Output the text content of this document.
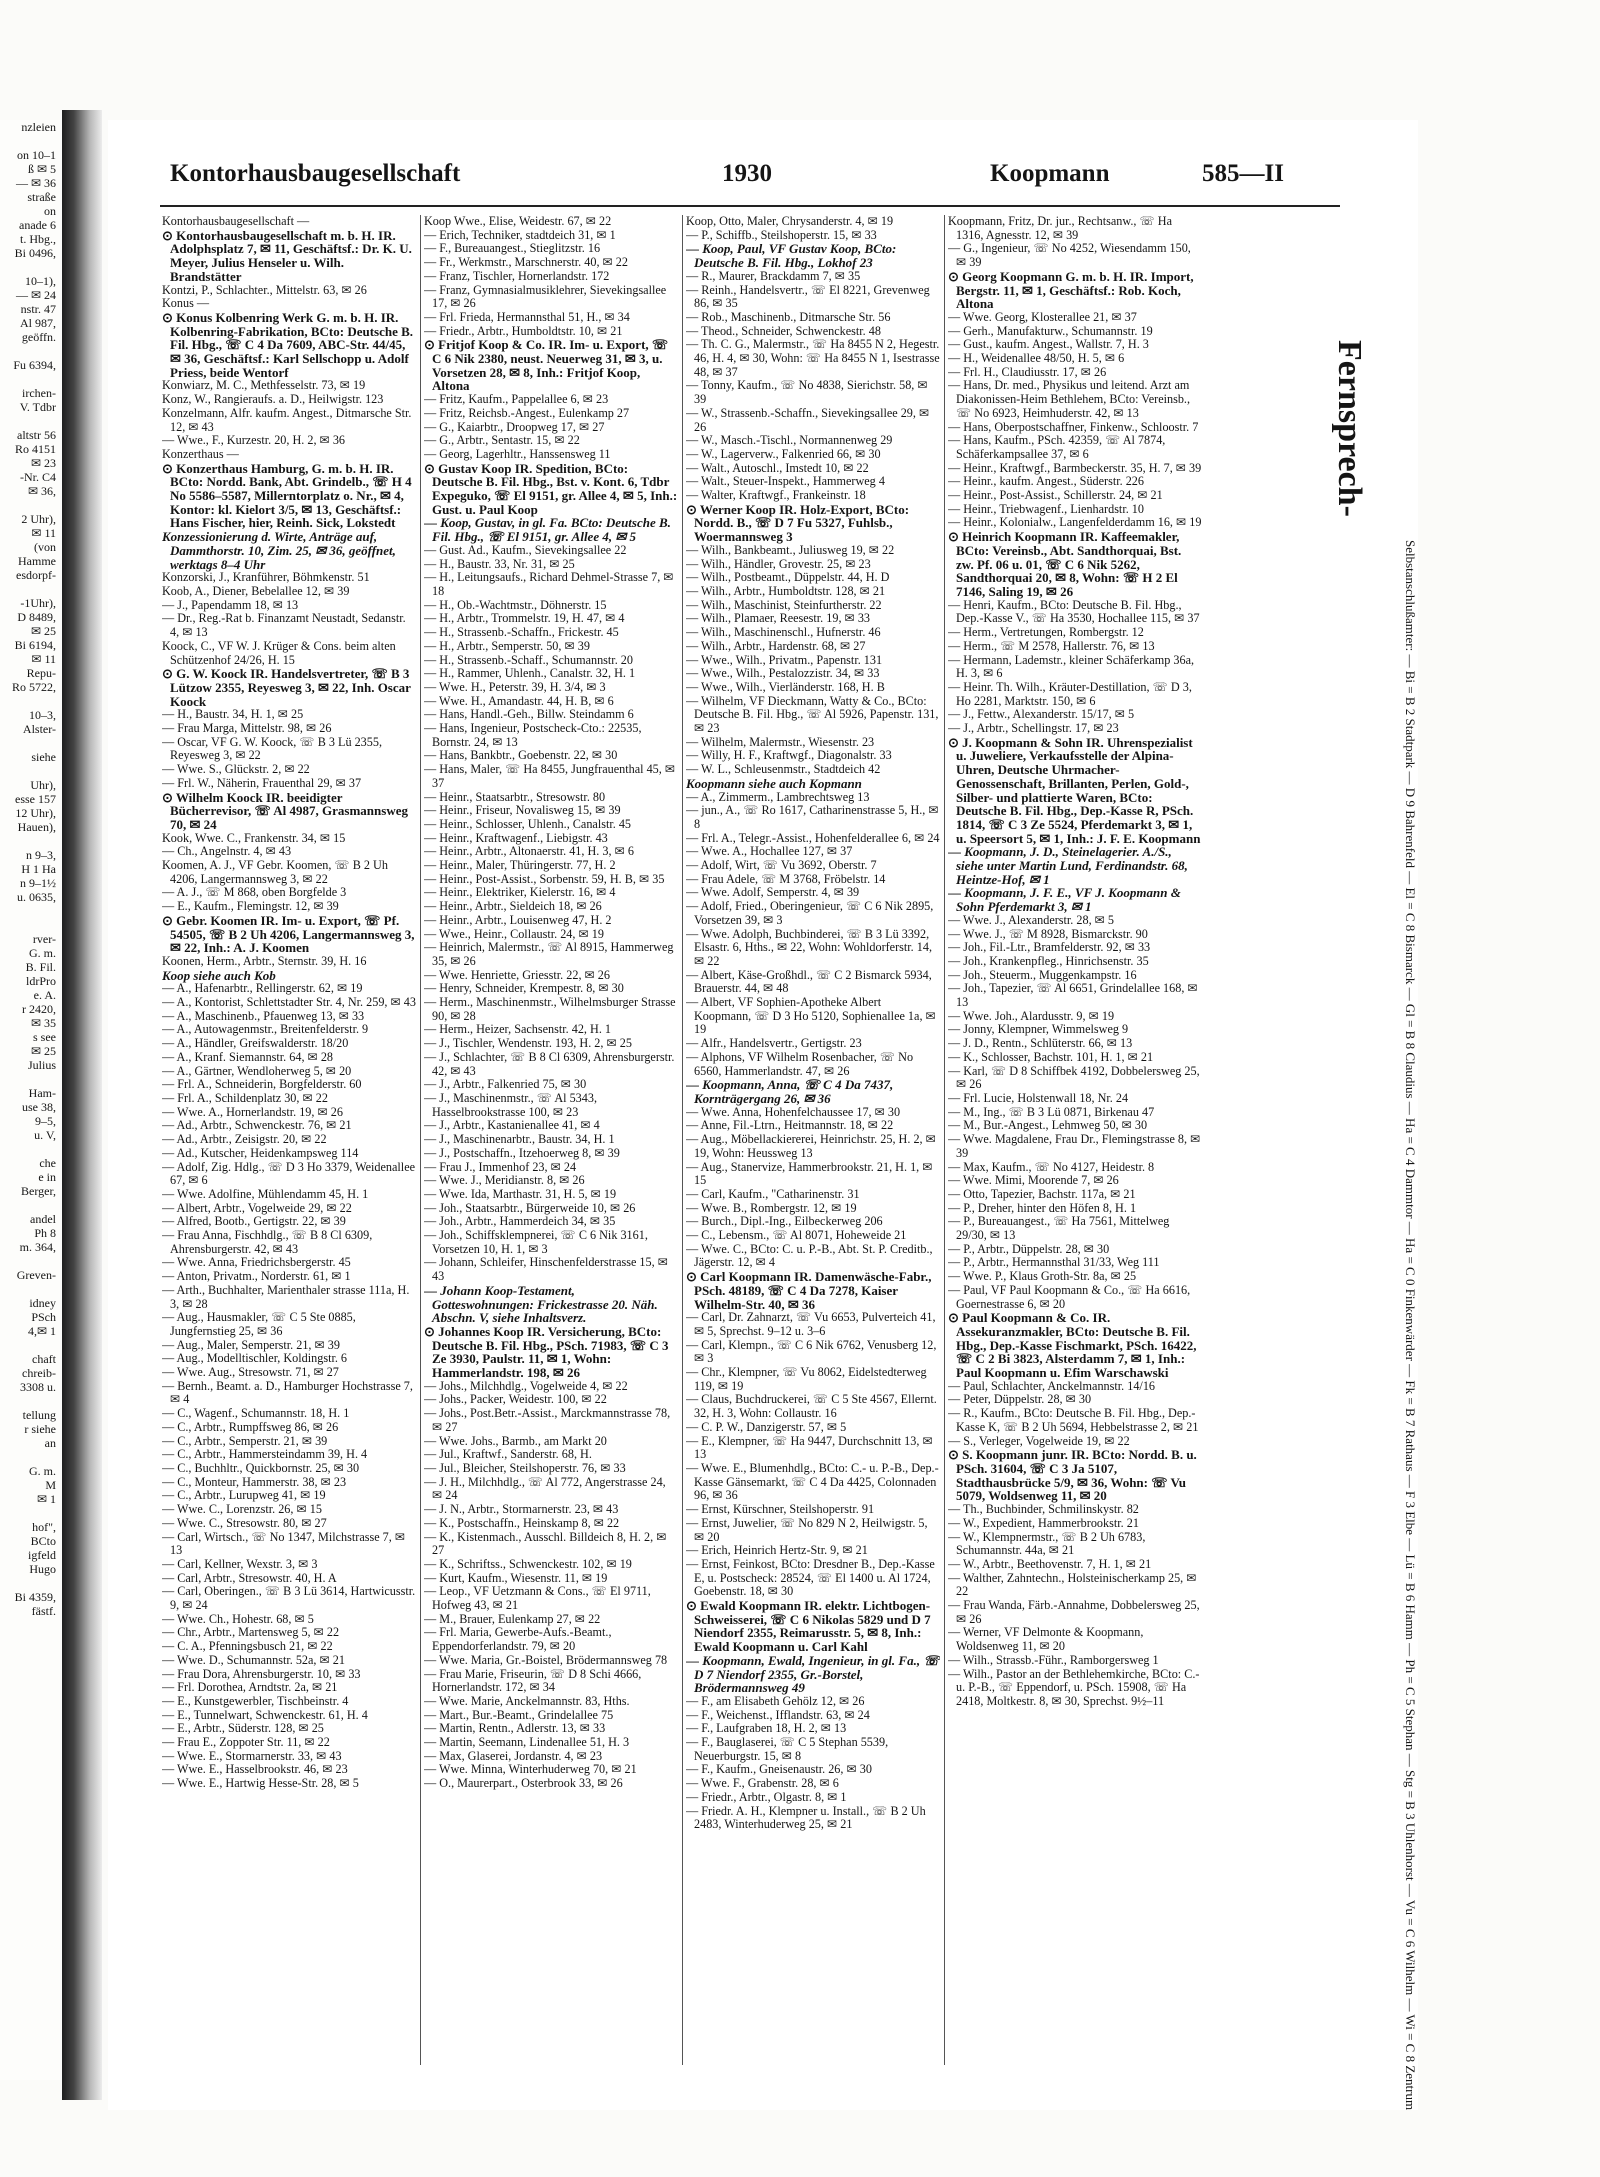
nzleien

on 10–1

ß ✉ 5

— ✉ 36

straße

on

anade 6

t. Hbg.,

Bi 0496,

10–1),

— ✉ 24

nstr. 47

Al 987,

geöffn.

Fu 6394,

irchen-

V. Tdbr

altstr 56

Ro 4151

✉ 23

-Nr. C4

✉ 36,

2 Uhr),

✉ 11

(von

Hamme

esdorpf-

-1Uhr),

D 8489,

✉ 25

Bi 6194,

✉ 11

Repu-

Ro 5722,

10–3,

Alster-

siehe

Uhr),

esse 157

12 Uhr),

Hauen),

n 9–3,

H 1 Ha

n 9–1½

u. 0635,

rver-

G. m.

B. Fil.

ldrPro

e. A.

r 2420,

✉ 35

s see

✉ 25

Julius

Ham-

use 38,

9–5,

u. V,

che

e in

Berger,

andel

Ph 8

m. 364,

Greven-

idney

PSch

4,✉ 1

chaft

chreib-

3308 u.

tellung

r siehe

an

G. m.

M

✉ 1

hof",

BCto

igfeld

Hugo

Bi 4359,

fästf.

Kontorhausbaugesellschaft	1930	Koopmann	585—II

Kontorhausbaugesellschaft —

⊙ Kontorhausbaugesellschaft m. b. H. IR. Adolphsplatz 7, ✉ 11, Geschäftsf.: Dr. K. U. Meyer, Julius Henseler u. Wilh. Brandstätter

Kontzi, P., Schlachter., Mittelstr. 63, ✉ 26

Konus —

⊙ Konus Kolbenring Werk G. m. b. H. IR. Kolbenring-Fabrikation, BCto: Deutsche B. Fil. Hbg., ☏ C 4 Da 7609, ABC-Str. 44/45, ✉ 36, Geschäftsf.: Karl Sellschopp u. Adolf Priess, beide Wentorf

Konwiarz, M. C., Methfesselstr. 73, ✉ 19

Konz, W., Rangieraufs. a. D., Heilwigstr. 123

Konzelmann, Alfr. kaufm. Angest., Ditmarsche Str. 12, ✉ 43

— Wwe., F., Kurzestr. 20, H. 2, ✉ 36

Konzerthaus —

⊙ Konzerthaus Hamburg, G. m. b. H. IR. BCto: Nordd. Bank, Abt. Grindelb., ☏ H 4 No 5586–5587, Millerntorplatz o. Nr., ✉ 4, Kontor: kl. Kielort 3/5, ✉ 13, Geschäftsf.: Hans Fischer, hier, Reinh. Sick, Lokstedt

Konzessionierung d. Wirte, Anträge auf, Dammthorstr. 10, Zim. 25, ✉ 36, geöffnet, werktags 8–4 Uhr

Konzorski, J., Kranführer, Böhmkenstr. 51

Koob, A., Diener, Bebelallee 12, ✉ 39

— J., Papendamm 18, ✉ 13

— Dr., Reg.-Rat b. Finanzamt Neustadt, Sedanstr. 4, ✉ 13

Koock, C., VF W. J. Krüger & Cons. beim alten Schützenhof 24/26, H. 15

⊙ G. W. Koock IR. Handelsvertreter, ☏ B 3 Lützow 2355, Reyesweg 3, ✉ 22, Inh. Oscar Koock

— H., Baustr. 34, H. 1, ✉ 25

— Frau Marga, Mittelstr. 98, ✉ 26

— Oscar, VF G. W. Koock, ☏ B 3 Lü 2355, Reyesweg 3, ✉ 22

— Wwe. S., Glückstr. 2, ✉ 22

— Frl. W., Näherin, Frauenthal 29, ✉ 37

⊙ Wilhelm Koock IR. beeidigter Bücherrevisor, ☏ Al 4987, Grasmannsweg 70, ✉ 24

Kook, Wwe. C., Frankenstr. 34, ✉ 15

— Ch., Angelnstr. 4, ✉ 43

Koomen, A. J., VF Gebr. Koomen, ☏ B 2 Uh 4206, Langermannsweg 3, ✉ 22

— A. J., ☏ M 868, oben Borgfelde 3

— E., Kaufm., Flemingstr. 12, ✉ 39

⊙ Gebr. Koomen IR. Im- u. Export, ☏ Pf. 54505, ☏ B 2 Uh 4206, Langermannsweg 3, ✉ 22, Inh.: A. J. Koomen

Koonen, Herm., Arbtr., Sternstr. 39, H. 16

Koop siehe auch Kob

— A., Hafenarbtr., Rellingerstr. 62, ✉ 19

— A., Kontorist, Schlettstadter Str. 4, Nr. 259, ✉ 43

— A., Maschinenb., Pfauenweg 13, ✉ 33

— A., Autowagenmstr., Breitenfelderstr. 9

— A., Händler, Greifswalderstr. 18/20

— A., Kranf. Siemannstr. 64, ✉ 28

— A., Gärtner, Wendloherweg 5, ✉ 20

— Frl. A., Schneiderin, Borgfelderstr. 60

— Frl. A., Schildenplatz 30, ✉ 22

— Wwe. A., Hornerlandstr. 19, ✉ 26

— Ad., Arbtr., Schwenckestr. 76, ✉ 21

— Ad., Arbtr., Zeisigstr. 20, ✉ 22

— Ad., Kutscher, Heidenkampsweg 114

— Adolf, Zig. Hdlg., ☏ D 3 Ho 3379, Weidenallee 67, ✉ 6

— Wwe. Adolfine, Mühlendamm 45, H. 1

— Albert, Arbtr., Vogelweide 29, ✉ 22

— Alfred, Bootb., Gertigstr. 22, ✉ 39

— Frau Anna, Fischhdlg., ☏ B 8 Cl 6309, Ahrensburgerstr. 42, ✉ 43

— Wwe. Anna, Friedrichsbergerstr. 45

— Anton, Privatm., Norderstr. 61, ✉ 1

— Arth., Buchhalter, Marienthaler strasse 111a, H. 3, ✉ 28

— Aug., Hausmakler, ☏ C 5 Ste 0885, Jungfernstieg 25, ✉ 36

— Aug., Maler, Semperstr. 21, ✉ 39

— Aug., Modelltischler, Koldingstr. 6

— Wwe. Aug., Stresowstr. 71, ✉ 27

— Bernh., Beamt. a. D., Hamburger Hochstrasse 7, ✉ 4

— C., Wagenf., Schumannstr. 18, H. 1

— C., Arbtr., Rumpffsweg 86, ✉ 26

— C., Arbtr., Semperstr. 21, ✉ 39

— C., Arbtr., Hammersteindamm 39, H. 4

— C., Buchhltr., Quickbornstr. 25, ✉ 30

— C., Monteur, Hammerstr. 38, ✉ 23

— C., Arbtr., Lurupweg 41, ✉ 19

— Wwe. C., Lorenzstr. 26, ✉ 15

— Wwe. C., Stresowstr. 80, ✉ 27

— Carl, Wirtsch., ☏ No 1347, Milchstrasse 7, ✉ 13

— Carl, Kellner, Wexstr. 3, ✉ 3

— Carl, Arbtr., Stresowstr. 40, H. A

— Carl, Oberingen., ☏ B 3 Lü 3614, Hartwicusstr. 9, ✉ 24

— Wwe. Ch., Hohestr. 68, ✉ 5

— Chr., Arbtr., Martensweg 5, ✉ 22

— C. A., Pfenningsbusch 21, ✉ 22

— Wwe. D., Schumannstr. 52a, ✉ 21

— Frau Dora, Ahrensburgerstr. 10, ✉ 33

— Frl. Dorothea, Arndtstr. 2a, ✉ 21

— E., Kunstgewerbler, Tischbeinstr. 4

— E., Tunnelwart, Schwenckestr. 61, H. 4

— E., Arbtr., Süderstr. 128, ✉ 25

— Frau E., Zoppoter Str. 11, ✉ 22

— Wwe. E., Stormarnerstr. 33, ✉ 43

— Wwe. E., Hasselbrookstr. 46, ✉ 23

— Wwe. E., Hartwig Hesse-Str. 28, ✉ 5

Koop Wwe., Elise, Weidestr. 67, ✉ 22

— Erich, Techniker, stadtdeich 31, ✉ 1

— F., Bureauangest., Stieglitzstr. 16

— Fr., Werkmstr., Marschnerstr. 40, ✉ 22

— Franz, Tischler, Hornerlandstr. 172

— Franz, Gymnasialmusiklehrer, Sievekingsallee 17, ✉ 26

— Frl. Frieda, Hermannsthal 51, H., ✉ 34

— Friedr., Arbtr., Humboldtstr. 10, ✉ 21

⊙ Fritjof Koop & Co. IR. Im- u. Export, ☏ C 6 Nik 2380, neust. Neuerweg 31, ✉ 3, u. Vorsetzen 28, ✉ 8, Inh.: Fritjof Koop, Altona

— Fritz, Kaufm., Pappelallee 6, ✉ 23

— Fritz, Reichsb.-Angest., Eulenkamp 27

— G., Kaiarbtr., Droopweg 17, ✉ 27

— G., Arbtr., Sentastr. 15, ✉ 22

— Georg, Lagerhltr., Hanssensweg 11

⊙ Gustav Koop IR. Spedition, BCto: Deutsche B. Fil. Hbg., Bst. v. Kont. 6, Tdbr Expeguko, ☏ El 9151, gr. Allee 4, ✉ 5, Inh.: Gust. u. Paul Koop

— Koop, Gustav, in gl. Fa. BCto: Deutsche B. Fil. Hbg., ☏ El 9151, gr. Allee 4, ✉ 5

— Gust. Ad., Kaufm., Sievekingsallee 22

— H., Baustr. 33, Nr. 31, ✉ 25

— H., Leitungsaufs., Richard Dehmel-Strasse 7, ✉ 18

— H., Ob.-Wachtmstr., Döhnerstr. 15

— H., Arbtr., Trommelstr. 19, H. 47, ✉ 4

— H., Strassenb.-Schaffn., Frickestr. 45

— H., Arbtr., Semperstr. 50, ✉ 39

— H., Strassenb.-Schaff., Schumannstr. 20

— H., Rammer, Uhlenh., Canalstr. 32, H. 1

— Wwe. H., Peterstr. 39, H. 3/4, ✉ 3

— Wwe. H., Amandastr. 44, H. B, ✉ 6

— Hans, Handl.-Geh., Billw. Steindamm 6

— Hans, Ingenieur, Postscheck-Cto.: 22535, Bornstr. 24, ✉ 13

— Hans, Bankbtr., Goebenstr. 22, ✉ 30

— Hans, Maler, ☏ Ha 8455, Jungfrauenthal 45, ✉ 37

— Heinr., Staatsarbtr., Stresowstr. 80

— Heinr., Friseur, Novalisweg 15, ✉ 39

— Heinr., Schlosser, Uhlenh., Canalstr. 45

— Heinr., Kraftwagenf., Liebigstr. 43

— Heinr., Arbtr., Altonaerstr. 41, H. 3, ✉ 6

— Heinr., Maler, Thüringerstr. 77, H. 2

— Heinr., Post-Assist., Sorbenstr. 59, H. B, ✉ 35

— Heinr., Elektriker, Kielerstr. 16, ✉ 4

— Heinr., Arbtr., Sieldeich 18, ✉ 26

— Heinr., Arbtr., Louisenweg 47, H. 2

— Wwe., Heinr., Collaustr. 24, ✉ 19

— Heinrich, Malermstr., ☏ Al 8915, Hammerweg 35, ✉ 26

— Wwe. Henriette, Griesstr. 22, ✉ 26

— Henry, Schneider, Krempestr. 8, ✉ 30

— Herm., Maschinenmstr., Wilhelmsburger Strasse 90, ✉ 28

— Herm., Heizer, Sachsenstr. 42, H. 1

— J., Tischler, Wendenstr. 193, H. 2, ✉ 25

— J., Schlachter, ☏ B 8 Cl 6309, Ahrensburgerstr. 42, ✉ 43

— J., Arbtr., Falkenried 75, ✉ 30

— J., Maschinenmstr., ☏ Al 5343, Hasselbrookstrasse 100, ✉ 23

— J., Arbtr., Kastanienallee 41, ✉ 4

— J., Maschinenarbtr., Baustr. 34, H. 1

— J., Postschaffn., Itzehoerweg 8, ✉ 39

— Frau J., Immenhof 23, ✉ 24

— Wwe. J., Meridianstr. 8, ✉ 26

— Wwe. Ida, Marthastr. 31, H. 5, ✉ 19

— Joh., Staatsarbtr., Bürgerweide 10, ✉ 26

— Joh., Arbtr., Hammerdeich 34, ✉ 35

— Joh., Schiffsklempnerei, ☏ C 6 Nik 3161, Vorsetzen 10, H. 1, ✉ 3

— Johann, Schleifer, Hinschenfelderstrasse 15, ✉ 43

— Johann Koop-Testament, Gotteswohnungen: Frickestrasse 20. Näh. Abschn. V, siehe Inhaltsverz.

⊙ Johannes Koop IR. Versicherung, BCto: Deutsche B. Fil. Hbg., PSch. 71983, ☏ C 3 Ze 3930, Paulstr. 11, ✉ 1, Wohn: Hammerlandstr. 198, ✉ 26

— Johs., Milchhdlg., Vogelweide 4, ✉ 22

— Johs., Packer, Weidestr. 100, ✉ 22

— Johs., Post.Betr.-Assist., Marckmannstrasse 78, ✉ 27

— Wwe. Johs., Barmb., am Markt 20

— Jul., Kraftwf., Sanderstr. 68, H.

— Jul., Bleicher, Steilshoperstr. 76, ✉ 33

— J. H., Milchhdlg., ☏ Al 772, Angerstrasse 24, ✉ 24

— J. N., Arbtr., Stormarnerstr. 23, ✉ 43

— K., Postschaffn., Heinskamp 8, ✉ 22

— K., Kistenmach., Ausschl. Billdeich 8, H. 2, ✉ 27

— K., Schriftss., Schwenckestr. 102, ✉ 19

— Kurt, Kaufm., Wiesenstr. 11, ✉ 19

— Leop., VF Uetzmann & Cons., ☏ El 9711, Hofweg 43, ✉ 21

— M., Brauer, Eulenkamp 27, ✉ 22

— Frl. Maria, Gewerbe-Aufs.-Beamt., Eppendorferlandstr. 79, ✉ 20

— Wwe. Maria, Gr.-Boistel, Brödermannsweg 78

— Frau Marie, Friseurin, ☏ D 8 Schi 4666, Hornerlandstr. 172, ✉ 34

— Wwe. Marie, Anckelmannstr. 83, Hths.

— Mart., Bur.-Beamt., Grindelallee 75

— Martin, Rentn., Adlerstr. 13, ✉ 33

— Martin, Seemann, Lindenallee 51, H. 3

— Max, Glaserei, Jordanstr. 4, ✉ 23

— Wwe. Minna, Winterhuderweg 70, ✉ 21

— O., Maurerpart., Osterbrook 33, ✉ 26

Koop, Otto, Maler, Chrysanderstr. 4, ✉ 19

— P., Schiffb., Steilshoperstr. 15, ✉ 33

— Koop, Paul, VF Gustav Koop, BCto: Deutsche B. Fil. Hbg., Lokhof 23

— R., Maurer, Brackdamm 7, ✉ 35

— Reinh., Handelsvertr., ☏ El 8221, Grevenweg 86, ✉ 35

— Rob., Maschinenb., Ditmarsche Str. 56

— Theod., Schneider, Schwenckestr. 48

— Th. C. G., Malermstr., ☏ Ha 8455 N 2, Hegestr. 46, H. 4, ✉ 30, Wohn: ☏ Ha 8455 N 1, Isestrasse 48, ✉ 37

— Tonny, Kaufm., ☏ No 4838, Sierichstr. 58, ✉ 39

— W., Strassenb.-Schaffn., Sievekingsallee 29, ✉ 26

— W., Masch.-Tischl., Normannenweg 29

— W., Lagerverw., Falkenried 66, ✉ 30

— Walt., Autoschl., Imstedt 10, ✉ 22

— Walt., Steuer-Inspekt., Hammerweg 4

— Walter, Kraftwgf., Frankeinstr. 18

⊙ Werner Koop IR. Holz-Export, BCto: Nordd. B., ☏ D 7 Fu 5327, Fuhlsb., Woermannsweg 3

— Wilh., Bankbeamt., Juliusweg 19, ✉ 22

— Wilh., Händler, Grovestr. 25, ✉ 23

— Wilh., Postbeamt., Düppelstr. 44, H. D

— Wilh., Arbtr., Humboldtstr. 128, ✉ 21

— Wilh., Maschinist, Steinfurtherstr. 22

— Wilh., Plamaer, Reesestr. 19, ✉ 33

— Wilh., Maschinenschl., Hufnerstr. 46

— Wilh., Arbtr., Hardenstr. 68, ✉ 27

— Wwe., Wilh., Privatm., Papenstr. 131

— Wwe., Wilh., Pestalozzistr. 34, ✉ 33

— Wwe., Wilh., Vierländerstr. 168, H. B

— Wilhelm, VF Dieckmann, Watty & Co., BCto: Deutsche B. Fil. Hbg., ☏ Al 5926, Papenstr. 131, ✉ 23

— Wilhelm, Malermstr., Wiesenstr. 23

— Willy, H. F., Kraftwgf., Diagonalstr. 33

— W. L., Schleusenmstr., Stadtdeich 42

Koopmann siehe auch Kopmann

— A., Zimmerm., Lambrechtsweg 13

— jun., A., ☏ Ro 1617, Catharinenstrasse 5, H., ✉ 8

— Frl. A., Telegr.-Assist., Hohenfelderallee 6, ✉ 24

— Wwe. A., Hochallee 127, ✉ 37

— Adolf, Wirt, ☏ Vu 3692, Oberstr. 7

— Frau Adele, ☏ M 3768, Fröbelstr. 14

— Wwe. Adolf, Semperstr. 4, ✉ 39

— Adolf, Fried., Oberingenieur, ☏ C 6 Nik 2895, Vorsetzen 39, ✉ 3

— Wwe. Adolph, Buchbinderei, ☏ B 3 Lü 3392, Elsastr. 6, Hths., ✉ 22, Wohn: Wohldorferstr. 14, ✉ 22

— Albert, Käse-Großhdl., ☏ C 2 Bismarck 5934, Brauerstr. 44, ✉ 48

— Albert, VF Sophien-Apotheke Albert Koopmann, ☏ D 3 Ho 5120, Sophienallee 1a, ✉ 19

— Alfr., Handelsvertr., Gertigstr. 23

— Alphons, VF Wilhelm Rosenbacher, ☏ No 6560, Hammerlandstr. 47, ✉ 26

— Koopmann, Anna, ☏ C 4 Da 7437, Kornträgergang 26, ✉ 36

— Wwe. Anna, Hohenfelchaussee 17, ✉ 30

— Anne, Fil.-Ltrn., Heitmannstr. 18, ✉ 22

— Aug., Möbellackiererei, Heinrichstr. 25, H. 2, ✉ 19, Wohn: Heussweg 13

— Aug., Stanervize, Hammerbrookstr. 21, H. 1, ✉ 15

— Carl, Kaufm., "Catharinenstr. 31

— Wwe. B., Rombergstr. 12, ✉ 19

— Burch., Dipl.-Ing., Eilbeckerweg 206

— C., Lebensm., ☏ Al 8071, Hoheweide 21

— Wwe. C., BCto: C. u. P.-B., Abt. St. P. Creditb., Jägerstr. 12, ✉ 4

⊙ Carl Koopmann IR. Damenwäsche-Fabr., PSch. 48189, ☏ C 4 Da 7278, Kaiser Wilhelm-Str. 40, ✉ 36

— Carl, Dr. Zahnarzt, ☏ Vu 6653, Pulverteich 41, ✉ 5, Sprechst. 9–12 u. 3–6

— Carl, Klempn., ☏ C 6 Nik 6762, Venusberg 12, ✉ 3

— Chr., Klempner, ☏ Vu 8062, Eidelstedterweg 119, ✉ 19

— Claus, Buchdruckerei, ☏ C 5 Ste 4567, Ellernt. 32, H. 3, Wohn: Collaustr. 16

— C. P. W., Danzigerstr. 57, ✉ 5

— E., Klempner, ☏ Ha 9447, Durchschnitt 13, ✉ 13

— Wwe. E., Blumenhdlg., BCto: C.- u. P.-B., Dep.-Kasse Gänsemarkt, ☏ C 4 Da 4425, Colonnaden 96, ✉ 36

— Ernst, Kürschner, Steilshoperstr. 91

— Ernst, Juwelier, ☏ No 829 N 2, Heilwigstr. 5, ✉ 20

— Erich, Heinrich Hertz-Str. 9, ✉ 21

— Ernst, Feinkost, BCto: Dresdner B., Dep.-Kasse E, u. Postscheck: 28524, ☏ El 1400 u. Al 1724, Goebenstr. 18, ✉ 30

⊙ Ewald Koopmann IR. elektr. Lichtbogen-Schweisserei, ☏ C 6 Nikolas 5829 und D 7 Niendorf 2355, Reimarusstr. 5, ✉ 8, Inh.: Ewald Koopmann u. Carl Kahl

— Koopmann, Ewald, Ingenieur, in gl. Fa., ☏ D 7 Niendorf 2355, Gr.-Borstel, Brödermannsweg 49

— F., am Elisabeth Gehölz 12, ✉ 26

— F., Weichenst., Ifflandstr. 63, ✉ 24

— F., Laufgraben 18, H. 2, ✉ 13

— F., Bauglaserei, ☏ C 5 Stephan 5539, Neuerburgstr. 15, ✉ 8

— F., Kaufm., Gneisenaustr. 26, ✉ 30

— Wwe. F., Grabenstr. 28, ✉ 6

— Friedr., Arbtr., Olgastr. 8, ✉ 1

— Friedr. A. H., Klempner u. Install., ☏ B 2 Uh 2483, Winterhuderweg 25, ✉ 21

Koopmann, Fritz, Dr. jur., Rechtsanw., ☏ Ha 1316, Agnesstr. 12, ✉ 39

— G., Ingenieur, ☏ No 4252, Wiesendamm 150, ✉ 39

⊙ Georg Koopmann G. m. b. H. IR. Import, Bergstr. 11, ✉ 1, Geschäftsf.: Rob. Koch, Altona

— Wwe. Georg, Klosterallee 21, ✉ 37

— Gerh., Manufakturw., Schumannstr. 19

— Gust., kaufm. Angest., Wallstr. 7, H. 3

— H., Weidenallee 48/50, H. 5, ✉ 6

— Frl. H., Claudiusstr. 17, ✉ 26

— Hans, Dr. med., Physikus und leitend. Arzt am Diakonissen-Heim Bethlehem, BCto: Vereinsb., ☏ No 6923, Heimhuderstr. 42, ✉ 13

— Hans, Oberpostschaffner, Finkenw., Schloostr. 7

— Hans, Kaufm., PSch. 42359, ☏ Al 7874, Schäferkampsallee 37, ✉ 6

— Heinr., Kraftwgf., Barmbeckerstr. 35, H. 7, ✉ 39

— Heinr., kaufm. Angest., Süderstr. 226

— Heinr., Post-Assist., Schillerstr. 24, ✉ 21

— Heinr., Triebwagenf., Lienhardstr. 10

— Heinr., Kolonialw., Langenfelderdamm 16, ✉ 19

⊙ Heinrich Koopmann IR. Kaffeemakler, BCto: Vereinsb., Abt. Sandthorquai, Bst. zw. Pf. 06 u. 01, ☏ C 6 Nik 5262, Sandthorquai 20, ✉ 8, Wohn: ☏ H 2 El 7146, Saling 19, ✉ 26

— Henri, Kaufm., BCto: Deutsche B. Fil. Hbg., Dep.-Kasse V., ☏ Ha 3530, Hochallee 115, ✉ 37

— Herm., Vertretungen, Rombergstr. 12

— Herm., ☏ M 2578, Hallerstr. 76, ✉ 13

— Hermann, Lademstr., kleiner Schäferkamp 36a, H. 3, ✉ 6

— Heinr. Th. Wilh., Kräuter-Destillation, ☏ D 3, Ho 2281, Marktstr. 150, ✉ 6

— J., Fettw., Alexanderstr. 15/17, ✉ 5

— J., Arbtr., Schellingstr. 17, ✉ 23

⊙ J. Koopmann & Sohn IR. Uhrenspezialist u. Juweliere, Verkaufsstelle der Alpina-Uhren, Deutsche Uhrmacher-Genossenschaft, Brillanten, Perlen, Gold-, Silber- und plattierte Waren, BCto: Deutsche B. Fil. Hbg., Dep.-Kasse R, PSch. 1814, ☏ C 3 Ze 5524, Pferdemarkt 3, ✉ 1, u. Speersort 5, ✉ 1, Inh.: J. F. E. Koopmann

— Koopmann, J. D., Steinelagerier. A./S., siehe unter Martin Lund, Ferdinandstr. 68, Heintze-Hof, ✉ 1

— Koopmann, J. F. E., VF J. Koopmann & Sohn Pferdemarkt 3, ✉ 1

— Wwe. J., Alexanderstr. 28, ✉ 5

— Wwe. J., ☏ M 8928, Bismarckstr. 90

— Joh., Fil.-Ltr., Bramfelderstr. 92, ✉ 33

— Joh., Krankenpfleg., Hinrichsenstr. 35

— Joh., Steuerm., Muggenkampstr. 16

— Joh., Tapezier, ☏ Al 6651, Grindelallee 168, ✉ 13

— Wwe. Joh., Alardusstr. 9, ✉ 19

— Jonny, Klempner, Wimmelsweg 9

— J. D., Rentn., Schlüterstr. 66, ✉ 13

— K., Schlosser, Bachstr. 101, H. 1, ✉ 21

— Karl, ☏ D 8 Schiffbek 4192, Dobbelersweg 25, ✉ 26

— Frl. Lucie, Holstenwall 18, Nr. 24

— M., Ing., ☏ B 3 Lü 0871, Birkenau 47

— M., Bur.-Angest., Lehmweg 50, ✉ 30

— Wwe. Magdalene, Frau Dr., Flemingstrasse 8, ✉ 39

— Max, Kaufm., ☏ No 4127, Heidestr. 8

— Wwe. Mimi, Moorende 7, ✉ 26

— Otto, Tapezier, Bachstr. 117a, ✉ 21

— P., Dreher, hinter den Höfen 8, H. 1

— P., Bureauangest., ☏ Ha 7561, Mittelweg 29/30, ✉ 13

— P., Arbtr., Düppelstr. 28, ✉ 30

— P., Arbtr., Hermannsthal 31/33, Weg 111

— Wwe. P., Klaus Groth-Str. 8a, ✉ 25

— Paul, VF Paul Koopmann & Co., ☏ Ha 6616, Goernestrasse 6, ✉ 20

⊙ Paul Koopmann & Co. IR. Assekuranzmakler, BCto: Deutsche B. Fil. Hbg., Dep.-Kasse Fischmarkt, PSch. 16422, ☏ C 2 Bi 3823, Alsterdamm 7, ✉ 1, Inh.: Paul Koopmann u. Efim Warschawski

— Paul, Schlachter, Anckelmannstr. 14/16

— Peter, Düppelstr. 28, ✉ 30

— R., Kaufm., BCto: Deutsche B. Fil. Hbg., Dep.-Kasse K, ☏ B 2 Uh 5694, Hebbelstrasse 2, ✉ 21

— S., Verleger, Vogelweide 19, ✉ 22

⊙ S. Koopmann junr. IR. BCto: Nordd. B. u. PSch. 31604, ☏ C 3 Ja 5107, Stadthausbrücke 5/9, ✉ 36, Wohn: ☏ Vu 5079, Woldsenweg 11, ✉ 20

— Th., Buchbinder, Schmilinskystr. 82

— W., Expedient, Hammerbrookstr. 21

— W., Klempnermstr., ☏ B 2 Uh 6783, Schumannstr. 44a, ✉ 21

— W., Arbtr., Beethovenstr. 7, H. 1, ✉ 21

— Walther, Zahntechn., Holsteinischerkamp 25, ✉ 22

— Frau Wanda, Färb.-Annahme, Dobbelersweg 25, ✉ 26

— Werner, VF Delmonte & Koopmann, Woldsenweg 11, ✉ 20

— Wilh., Strassb.-Führ., Ramborgersweg 1

— Wilh., Pastor an der Bethlehemkirche, BCto: C.- u. P.-B., ☏ Eppendorf, u. PSch. 15908, ☏ Ha 2418, Moltkestr. 8, ✉ 30, Sprechst. 9½–11

Fernsprech-
Selbstanschlußamter: — Bi = B 2 Stadtpark — D 9 Bahrenfeld — El = C 8 Bismarck — Gl = B 8 Claudius — Ha = C 4 Dammtor — Ha = C 0 Finkenwärder — Fk = B 7 Rathaus — F 3 Elbe — Lü = B 6 Hamm — Ph = C 5 Stephan — Stg = B 3 Uhlenhorst — Vu = C 6 Wilhelm — Wi = C 8 Zentrum
